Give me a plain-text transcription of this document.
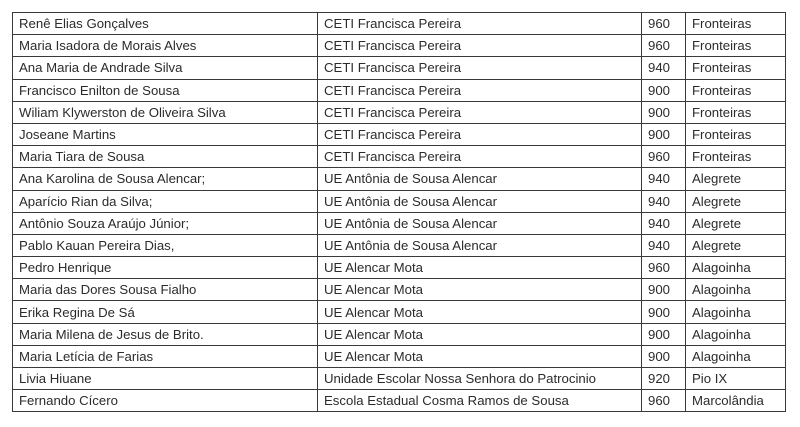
Renê Elias Gonçalves	CETI Francisca Pereira	960	Fronteiras
Maria Isadora de Morais Alves	CETI Francisca Pereira	960	Fronteiras
Ana Maria de Andrade Silva	CETI Francisca Pereira	940	Fronteiras
Francisco Enilton de Sousa	CETI Francisca Pereira	900	Fronteiras
Wiliam Klywerston de Oliveira Silva	CETI Francisca Pereira	900	Fronteiras
Joseane Martins	CETI Francisca Pereira	900	Fronteiras
Maria Tiara de Sousa	CETI Francisca Pereira	960	Fronteiras
Ana Karolina de Sousa Alencar;	UE Antônia de Sousa Alencar	940	Alegrete
Aparício Rian da Silva;	UE Antônia de Sousa Alencar	940	Alegrete
Antônio Souza Araújo Júnior;	UE Antônia de Sousa Alencar	940	Alegrete
Pablo Kauan Pereira Dias,	UE Antônia de Sousa Alencar	940	Alegrete
Pedro Henrique	UE Alencar Mota	960	Alagoinha
Maria das Dores Sousa Fialho	UE Alencar Mota	900	Alagoinha
Erika Regina De Sá	UE Alencar Mota	900	Alagoinha
Maria Milena de Jesus de Brito.	UE Alencar Mota	900	Alagoinha
Maria Letícia de Farias	UE Alencar Mota	900	Alagoinha
Livia Hiuane	Unidade Escolar Nossa Senhora do Patrocinio	920	Pio IX
Fernando Cícero	Escola Estadual Cosma Ramos de Sousa	960	Marcolândia
